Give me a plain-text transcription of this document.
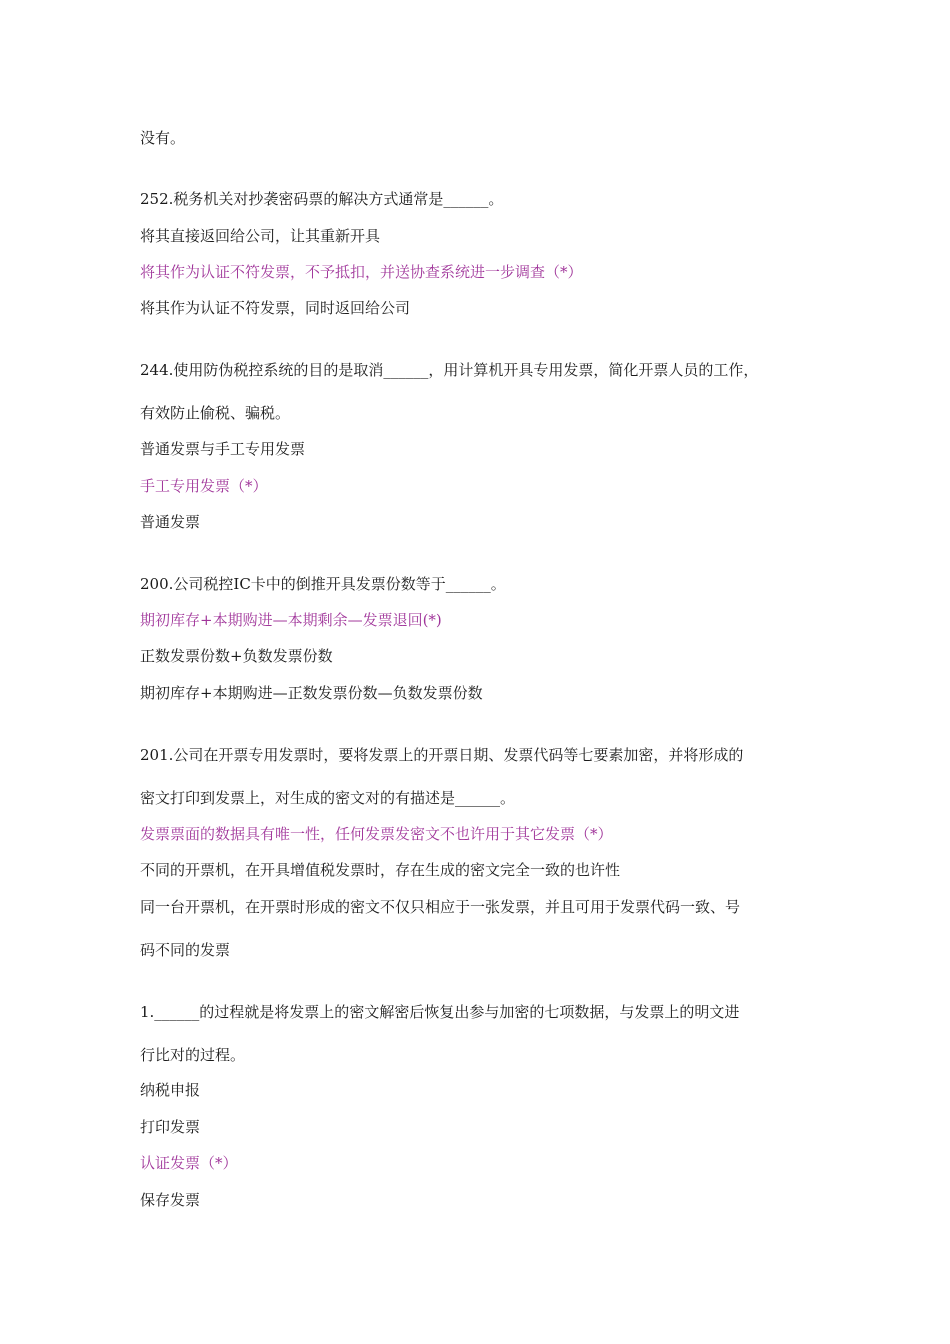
没有。
252.税务机关对抄袭密码票的解决方式通常是______。
将其直接返回给公司，让其重新开具
将其作为认证不符发票，不予抵扣，并送协查系统进一步调查（*）
将其作为认证不符发票，同时返回给公司
244.使用防伪税控系统的目的是取消______，用计算机开具专用发票，简化开票人员的工作，
有效防止偷税、骗税。
普通发票与手工专用发票
手工专用发票（*）
普通发票
200.公司税控IC卡中的倒推开具发票份数等于______。
期初库存+本期购进—本期剩余—发票退回(*)
正数发票份数+负数发票份数
期初库存+本期购进—正数发票份数—负数发票份数
201.公司在开票专用发票时，要将发票上的开票日期、发票代码等七要素加密，并将形成的
密文打印到发票上，对生成的密文对的有描述是______。
发票票面的数据具有唯一性，任何发票发密文不也许用于其它发票（*）
不同的开票机，在开具增值税发票时，存在生成的密文完全一致的也许性
同一台开票机，在开票时形成的密文不仅只相应于一张发票，并且可用于发票代码一致、号
码不同的发票
1.______的过程就是将发票上的密文解密后恢复出参与加密的七项数据，与发票上的明文进
行比对的过程。
纳税申报
打印发票
认证发票（*）
保存发票
